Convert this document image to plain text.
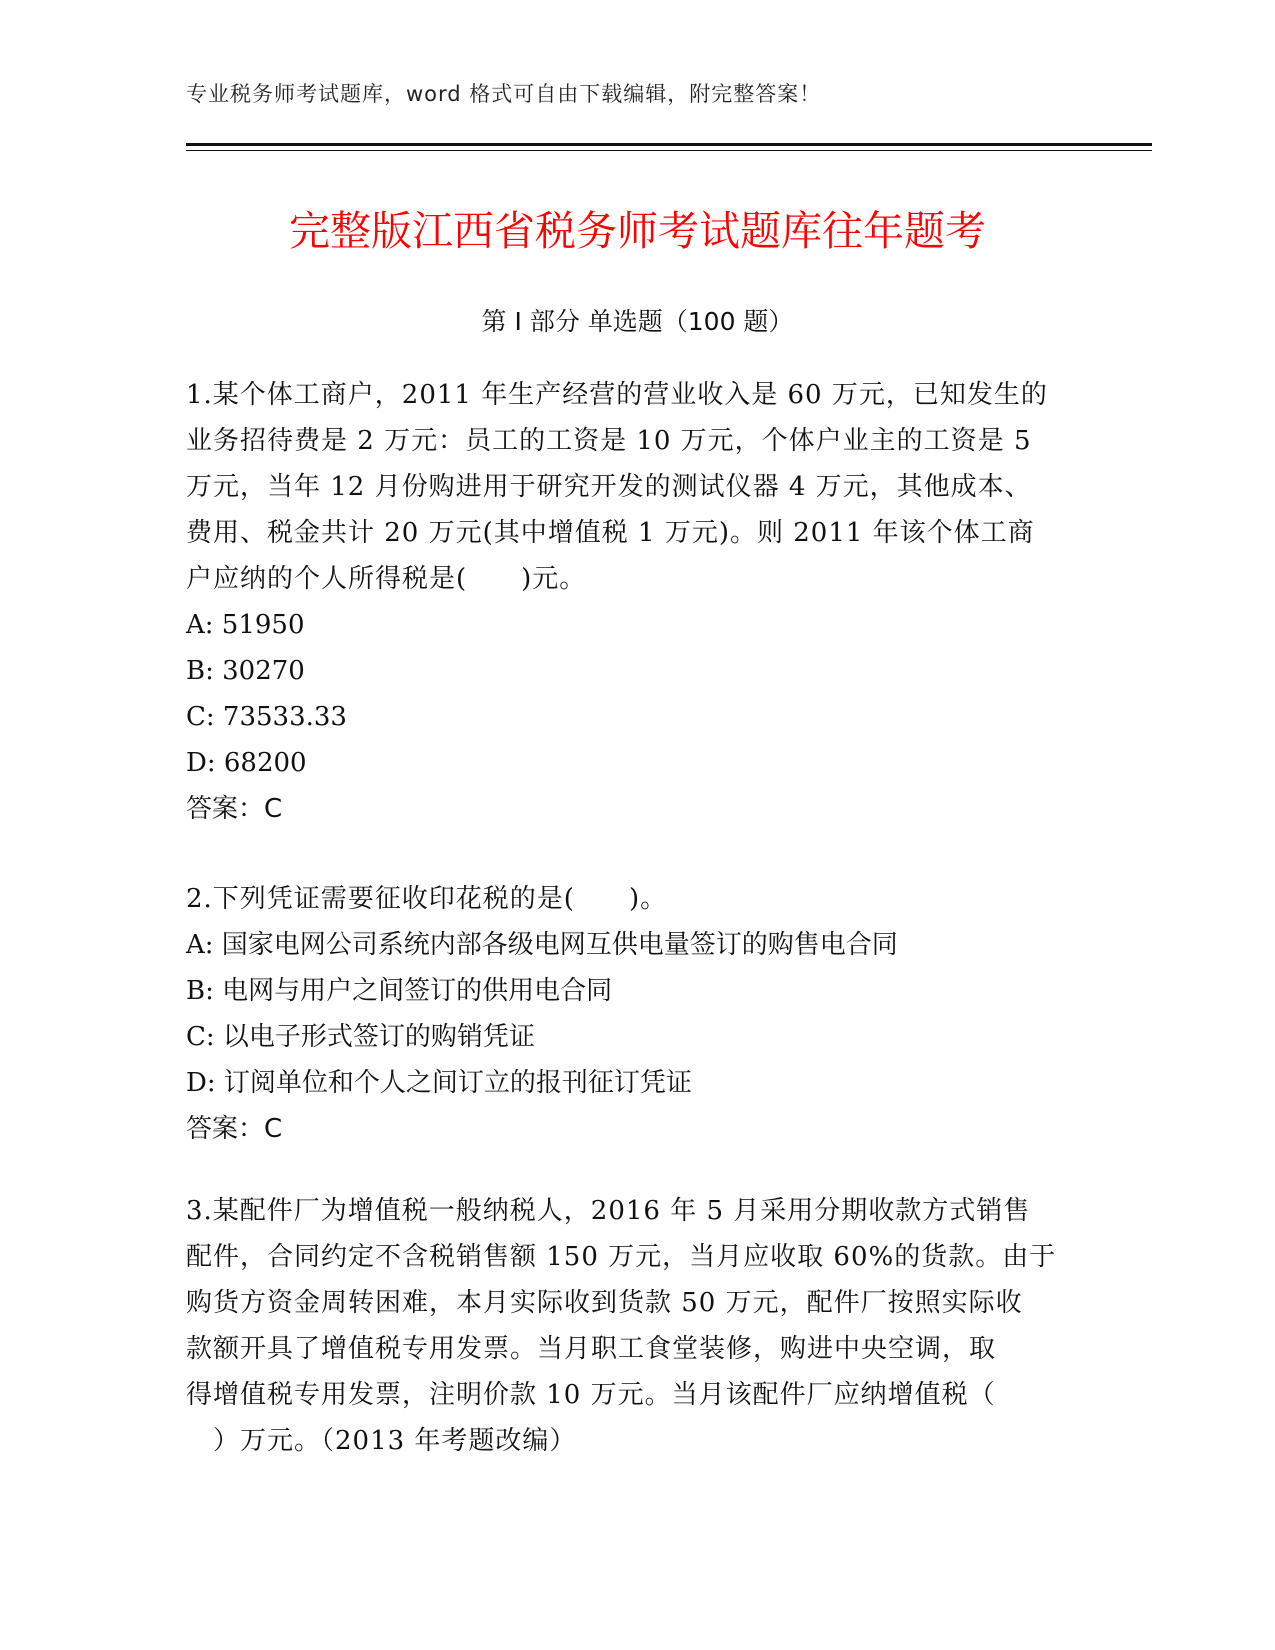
专业税务师考试题库，word 格式可自由下载编辑，附完整答案！
完整版江西省税务师考试题库往年题考
第 I 部分 单选题（100 题）
1.某个体工商户，2011 年生产经营的营业收入是 60 万元，已知发生的
业务招待费是 2 万元：员工的工资是 10 万元，个体户业主的工资是 5
万元，当年 12 月份购进用于研究开发的测试仪器 4 万元，其他成本、
费用、税金共计 20 万元(其中增值税 1 万元)。则 2011 年该个体工商
户应纳的个人所得税是(　　)元。
A: 51950
B: 30270
C: 73533.33
D: 68200
答案：C
2.下列凭证需要征收印花税的是(　　)。
A: 国家电网公司系统内部各级电网互供电量签订的购售电合同
B: 电网与用户之间签订的供用电合同
C: 以电子形式签订的购销凭证
D: 订阅单位和个人之间订立的报刊征订凭证
答案：C
3.某配件厂为增值税一般纳税人，2016 年 5 月采用分期收款方式销售
配件，合同约定不含税销售额 150 万元，当月应收取 60%的货款。由于
购货方资金周转困难，本月实际收到货款 50 万元，配件厂按照实际收
款额开具了增值税专用发票。当月职工食堂装修，购进中央空调，取
得增值税专用发票，注明价款 10 万元。当月该配件厂应纳增值税（
　）万元。（2013 年考题改编）
